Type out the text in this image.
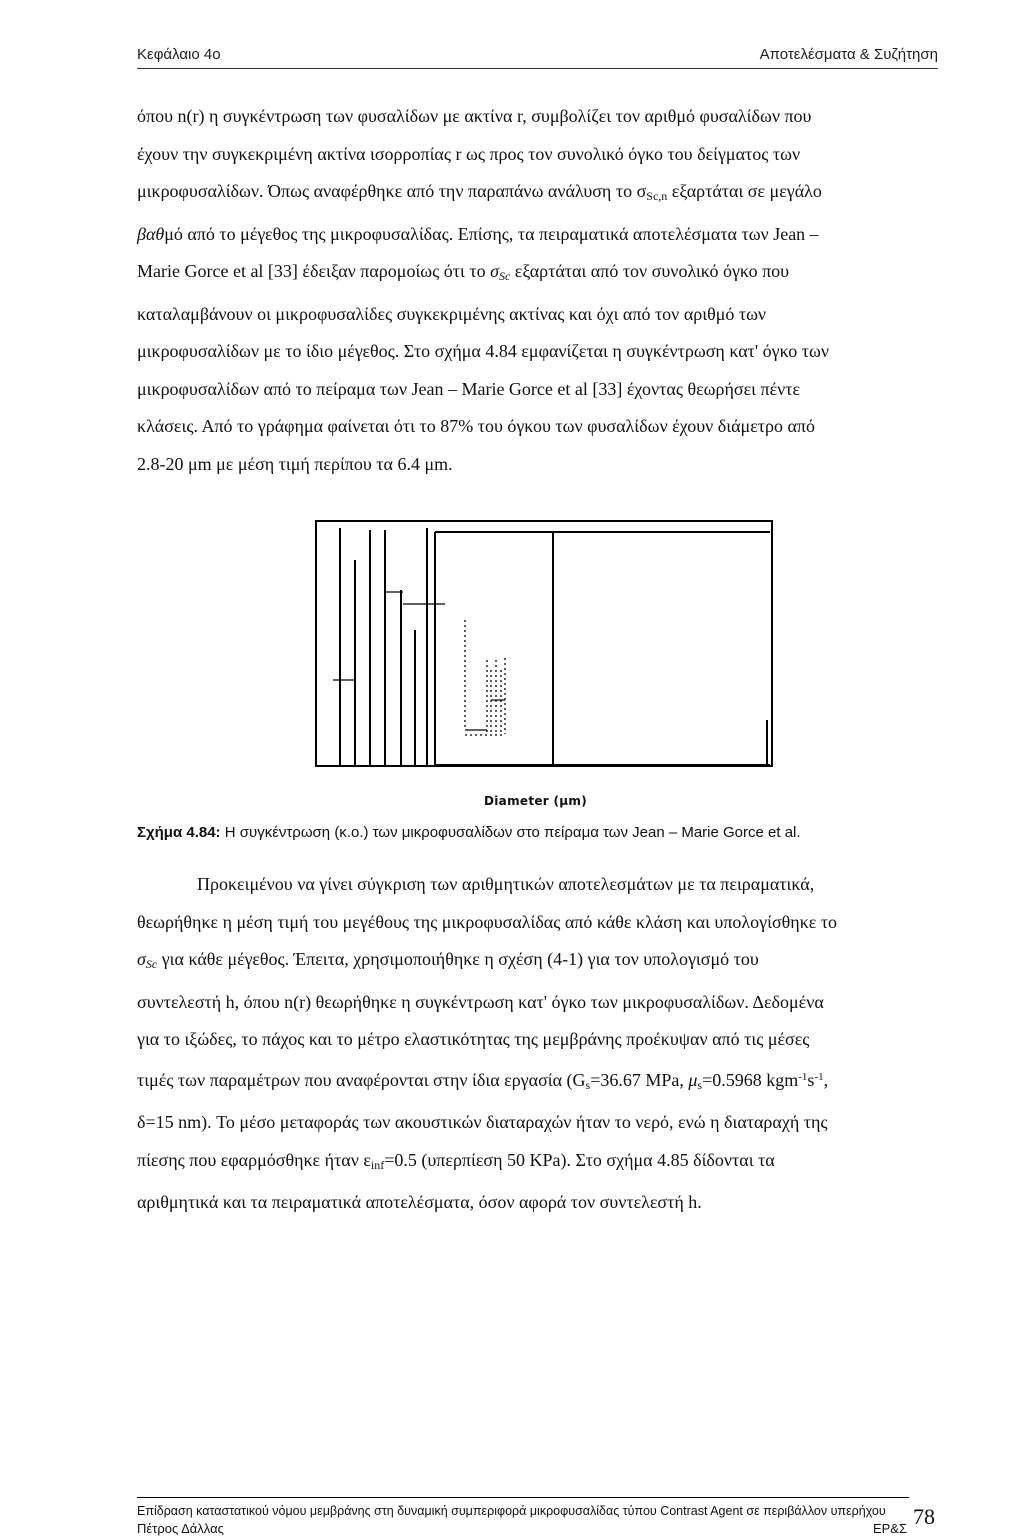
Κεφάλαιο 4ο	Αποτελέσματα & Συζήτηση
όπου n(r) η συγκέντρωση των φυσαλίδων με ακτίνα r, συμβολίζει τον αριθμό φυσαλίδων που
έχουν την συγκεκριμένη ακτίνα ισορροπίας r ως προς τον συνολικό όγκο του δείγματος των
μικροφυσαλίδων. Όπως αναφέρθηκε από την παραπάνω ανάλυση το $\sigma_{Sc,n}$ εξαρτάται σε μεγάλο
βαθμό από το μέγεθος της μικροφυσαλίδας. Επίσης, τα πειραματικά αποτελέσματα των Jean –
Marie Gorce et al [33] έδειξαν παρομοίως ότι το $\sigma_{Sc}$ εξαρτάται από τον συνολικό όγκο που
καταλαμβάνουν οι μικροφυσαλίδες συγκεκριμένης ακτίνας και όχι από τον αριθμό των
μικροφυσαλίδων με το ίδιο μέγεθος. Στο σχήμα 4.84 εμφανίζεται η συγκέντρωση κατ' όγκο των
μικροφυσαλίδων από το πείραμα των Jean – Marie Gorce et al [33] έχοντας θεωρήσει πέντε
κλάσεις. Από το γράφημα φαίνεται ότι το 87% του όγκου των φυσαλίδων έχουν διάμετρο από
2.8-20 μm με μέση τιμή περίπου τα 6.4 μm.
Diameter (μm)
Σχήμα 4.84: Η συγκέντρωση (κ.ο.) των μικροφυσαλίδων στο πείραμα των Jean – Marie Gorce et al.
Προκειμένου να γίνει σύγκριση των αριθμητικών αποτελεσμάτων με τα πειραματικά,
θεωρήθηκε η μέση τιμή του μεγέθους της μικροφυσαλίδας από κάθε κλάση και υπολογίσθηκε το
$\sigma_{Sc}$ για κάθε μέγεθος. Έπειτα, χρησιμοποιήθηκε η σχέση (4-1) για τον υπολογισμό του
συντελεστή h, όπου n(r) θεωρήθηκε η συγκέντρωση κατ' όγκο των μικροφυσαλίδων. Δεδομένα
για το ιξώδες, το πάχος και το μέτρο ελαστικότητας της μεμβράνης προέκυψαν από τις μέσες
τιμές των παραμέτρων που αναφέρονται στην ίδια εργασία ($G_s=36.67$ MPa, $\mu_s=0.5968$ $kgm^{-1}s^{-1}$,
δ=15 nm). Το μέσο μεταφοράς των ακουστικών διαταραχών ήταν το νερό, ενώ η διαταραχή της
πίεσης που εφαρμόσθηκε ήταν $\varepsilon_{inf}=0.5$ (υπερπίεση 50 KPa). Στο σχήμα 4.85 δίδονται τα
αριθμητικά και τα πειραματικά αποτελέσματα, όσον αφορά τον συντελεστή h.
Επίδραση καταστατικού νόμου μεμβράνης στη δυναμική συμπεριφορά μικροφυσαλίδας τύπου Contrast Agent σε περιβάλλον υπερήχου
Πέτρος Δάλλας	ΕΡ&Σ 78
